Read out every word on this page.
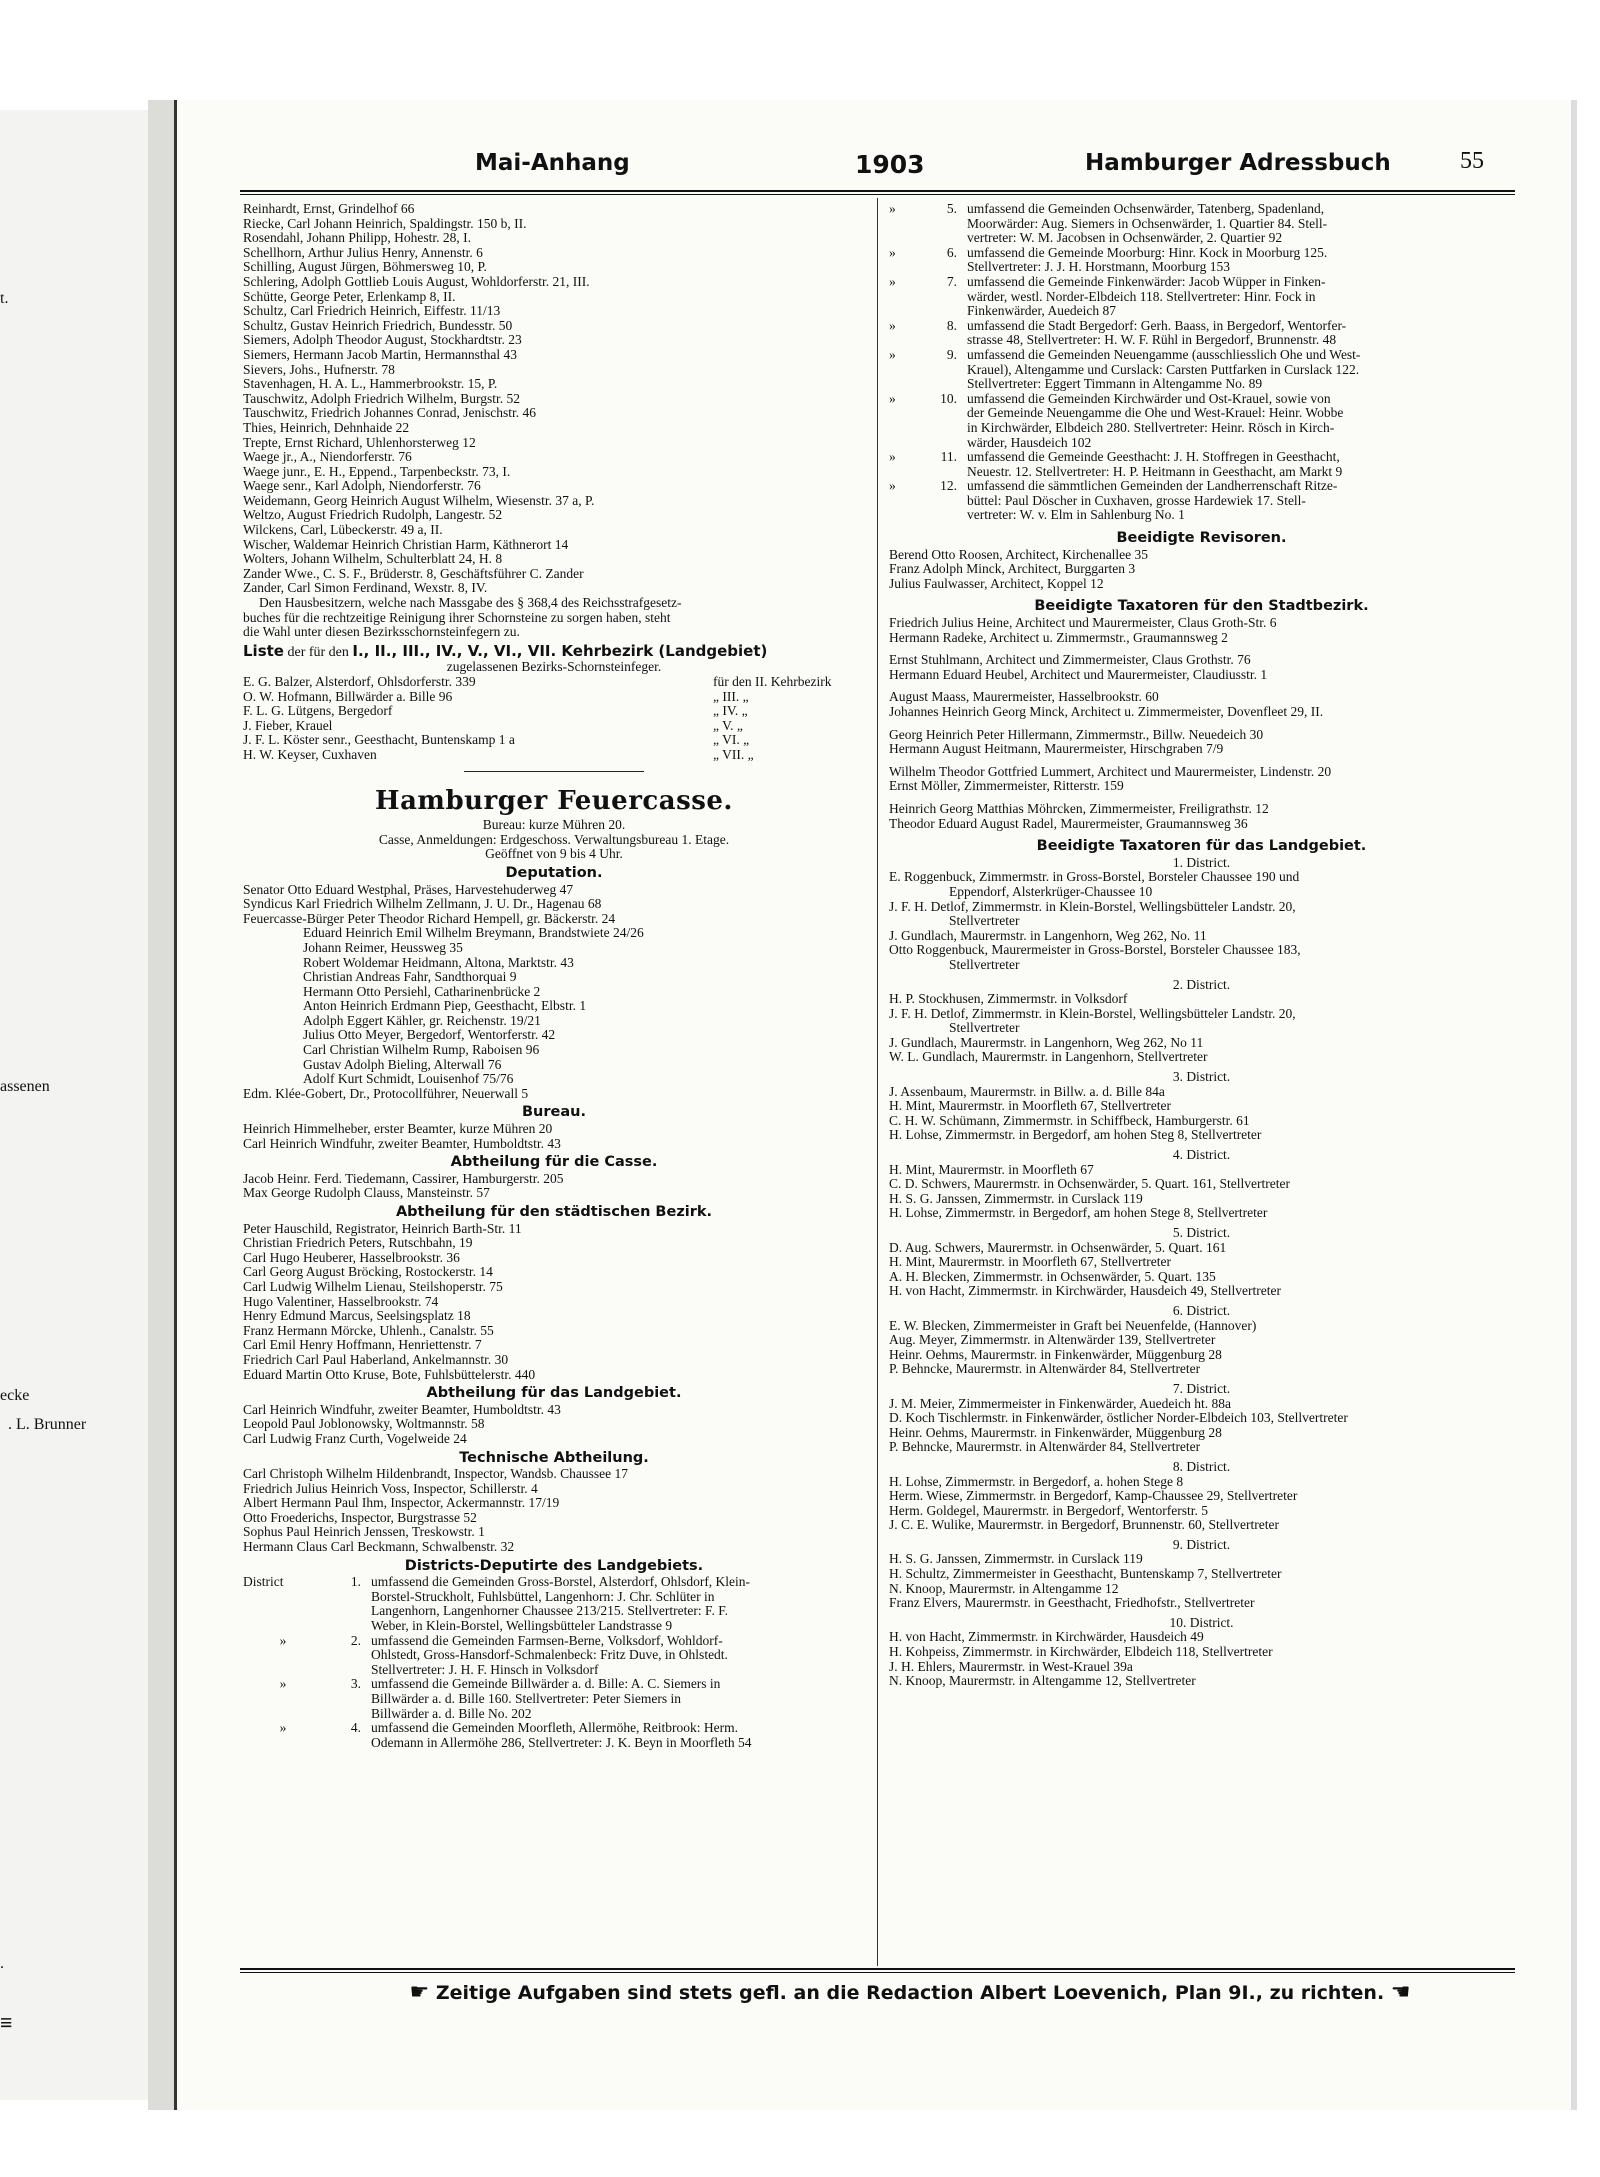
t.
assenen
ecke
. L. Brunner
.
≡
Mai-Anhang	1903	Hamburger Adressbuch	55
Reinhardt, Ernst, Grindelhof 66
Riecke, Carl Johann Heinrich, Spaldingstr. 150 b, II.
Rosendahl, Johann Philipp, Hohestr. 28, I.
Schellhorn, Arthur Julius Henry, Annenstr. 6
Schilling, August Jürgen, Böhmersweg 10, P.
Schlering, Adolph Gottlieb Louis August, Wohldorferstr. 21, III.
Schütte, George Peter, Erlenkamp 8, II.
Schultz, Carl Friedrich Heinrich, Eiffestr. 11/13
Schultz, Gustav Heinrich Friedrich, Bundesstr. 50
Siemers, Adolph Theodor August, Stockhardtstr. 23
Siemers, Hermann Jacob Martin, Hermannsthal 43
Sievers, Johs., Hufnerstr. 78
Stavenhagen, H. A. L., Hammerbrookstr. 15, P.
Tauschwitz, Adolph Friedrich Wilhelm, Burgstr. 52
Tauschwitz, Friedrich Johannes Conrad, Jenischstr. 46
Thies, Heinrich, Dehnhaide 22
Trepte, Ernst Richard, Uhlenhorsterweg 12
Waege jr., A., Niendorferstr. 76
Waege junr., E. H., Eppend., Tarpenbeckstr. 73, I.
Waege senr., Karl Adolph, Niendorferstr. 76
Weidemann, Georg Heinrich August Wilhelm, Wiesenstr. 37 a, P.
Weltzo, August Friedrich Rudolph, Langestr. 52
Wilckens, Carl, Lübeckerstr. 49 a, II.
Wischer, Waldemar Heinrich Christian Harm, Käthnerort 14
Wolters, Johann Wilhelm, Schulterblatt 24, H. 8
Zander Wwe., C. S. F., Brüderstr. 8, Geschäftsführer C. Zander
Zander, Carl Simon Ferdinand, Wexstr. 8, IV.
Den Hausbesitzern, welche nach Massgabe des § 368,4 des Reichsstrafgesetz-
buches für die rechtzeitige Reinigung ihrer Schornsteine zu sorgen haben, steht
die Wahl unter diesen Bezirksschornsteinfegern zu.
Liste der für den I., II., III., IV., V., VI., VII. Kehrbezirk (Landgebiet)
zugelassenen Bezirks-Schornsteinfeger.
E. G. Balzer, Alsterdorf, Ohlsdorferstr. 339	für den II. Kehrbezirk
O. W. Hofmann, Billwärder a. Bille 96	„ III. „
F. L. G. Lütgens, Bergedorf	„ IV. „
J. Fieber, Krauel	„ V. „
J. F. L. Köster senr., Geesthacht, Buntenskamp 1 a	„ VI. „
H. W. Keyser, Cuxhaven	„ VII. „
Hamburger Feuercasse.
Bureau: kurze Mühren 20.
Casse, Anmeldungen: Erdgeschoss. Verwaltungsbureau 1. Etage.
Geöffnet von 9 bis 4 Uhr.
Deputation.
Senator Otto Eduard Westphal, Präses, Harvestehuderweg 47
Syndicus Karl Friedrich Wilhelm Zellmann, J. U. Dr., Hagenau 68
Feuercasse-Bürger Peter Theodor Richard Hempell, gr. Bäckerstr. 24
Eduard Heinrich Emil Wilhelm Breymann, Brandstwiete 24/26
Johann Reimer, Heussweg 35
Robert Woldemar Heidmann, Altona, Marktstr. 43
Christian Andreas Fahr, Sandthorquai 9
Hermann Otto Persiehl, Catharinenbrücke 2
Anton Heinrich Erdmann Piep, Geesthacht, Elbstr. 1
Adolph Eggert Kähler, gr. Reichenstr. 19/21
Julius Otto Meyer, Bergedorf, Wentorferstr. 42
Carl Christian Wilhelm Rump, Raboisen 96
Gustav Adolph Bieling, Alterwall 76
Adolf Kurt Schmidt, Louisenhof 75/76
Edm. Klée-Gobert, Dr., Protocollführer, Neuerwall 5
Bureau.
Heinrich Himmelheber, erster Beamter, kurze Mühren 20
Carl Heinrich Windfuhr, zweiter Beamter, Humboldtstr. 43
Abtheilung für die Casse.
Jacob Heinr. Ferd. Tiedemann, Cassirer, Hamburgerstr. 205
Max George Rudolph Clauss, Mansteinstr. 57
Abtheilung für den städtischen Bezirk.
Peter Hauschild, Registrator, Heinrich Barth-Str. 11
Christian Friedrich Peters, Rutschbahn, 19
Carl Hugo Heuberer, Hasselbrookstr. 36
Carl Georg August Bröcking, Rostockerstr. 14
Carl Ludwig Wilhelm Lienau, Steilshoperstr. 75
Hugo Valentiner, Hasselbrookstr. 74
Henry Edmund Marcus, Seelsingsplatz 18
Franz Hermann Mörcke, Uhlenh., Canalstr. 55
Carl Emil Henry Hoffmann, Henriettenstr. 7
Friedrich Carl Paul Haberland, Ankelmannstr. 30
Eduard Martin Otto Kruse, Bote, Fuhlsbüttelerstr. 440
Abtheilung für das Landgebiet.
Carl Heinrich Windfuhr, zweiter Beamter, Humboldtstr. 43
Leopold Paul Joblonowsky, Woltmannstr. 58
Carl Ludwig Franz Curth, Vogelweide 24
Technische Abtheilung.
Carl Christoph Wilhelm Hildenbrandt, Inspector, Wandsb. Chaussee 17
Friedrich Julius Heinrich Voss, Inspector, Schillerstr. 4
Albert Hermann Paul Ihm, Inspector, Ackermannstr. 17/19
Otto Froederichs, Inspector, Burgstrasse 52
Sophus Paul Heinrich Jenssen, Treskowstr. 1
Hermann Claus Carl Beckmann, Schwalbenstr. 32
Districts-Deputirte des Landgebiets.
District	1. umfassend die Gemeinden Gross-Borstel, Alsterdorf, Ohlsdorf, Klein-
Borstel-Struckholt, Fuhlsbüttel, Langenhorn: J. Chr. Schlüter in
Langenhorn, Langenhorner Chaussee 213/215. Stellvertreter: F. F.
Weber, in Klein-Borstel, Wellingsbütteler Landstrasse 9
»	2. umfassend die Gemeinden Farmsen-Berne, Volksdorf, Wohldorf-
Ohlstedt, Gross-Hansdorf-Schmalenbeck: Fritz Duve, in Ohlstedt.
Stellvertreter: J. H. F. Hinsch in Volksdorf
»	3. umfassend die Gemeinde Billwärder a. d. Bille: A. C. Siemers in
Billwärder a. d. Bille 160. Stellvertreter: Peter Siemers in
Billwärder a. d. Bille No. 202
»	4. umfassend die Gemeinden Moorfleth, Allermöhe, Reitbrook: Herm.
Odemann in Allermöhe 286, Stellvertreter: J. K. Beyn in Moorfleth 54
»	5. umfassend die Gemeinden Ochsenwärder, Tatenberg, Spadenland,
Moorwärder: Aug. Siemers in Ochsenwärder, 1. Quartier 84. Stell-
vertreter: W. M. Jacobsen in Ochsenwärder, 2. Quartier 92
»	6. umfassend die Gemeinde Moorburg: Hinr. Kock in Moorburg 125.
Stellvertreter: J. J. H. Horstmann, Moorburg 153
»	7. umfassend die Gemeinde Finkenwärder: Jacob Wüpper in Finken-
wärder, westl. Norder-Elbdeich 118. Stellvertreter: Hinr. Fock in
Finkenwärder, Auedeich 87
»	8. umfassend die Stadt Bergedorf: Gerh. Baass, in Bergedorf, Wentorfer-
strasse 48, Stellvertreter: H. W. F. Rühl in Bergedorf, Brunnenstr. 48
»	9. umfassend die Gemeinden Neuengamme (ausschliesslich Ohe und West-
Krauel), Altengamme und Curslack: Carsten Puttfarken in Curslack 122.
Stellvertreter: Eggert Timmann in Altengamme No. 89
»	10. umfassend die Gemeinden Kirchwärder und Ost-Krauel, sowie von
der Gemeinde Neuengamme die Ohe und West-Krauel: Heinr. Wobbe
in Kirchwärder, Elbdeich 280. Stellvertreter: Heinr. Rösch in Kirch-
wärder, Hausdeich 102
»	11. umfassend die Gemeinde Geesthacht: J. H. Stoffregen in Geesthacht,
Neuestr. 12. Stellvertreter: H. P. Heitmann in Geesthacht, am Markt 9
»	12. umfassend die sämmtlichen Gemeinden der Landherrenschaft Ritze-
büttel: Paul Döscher in Cuxhaven, grosse Hardewiek 17. Stell-
vertreter: W. v. Elm in Sahlenburg No. 1
Beeidigte Revisoren.
Berend Otto Roosen, Architect, Kirchenallee 35
Franz Adolph Minck, Architect, Burggarten 3
Julius Faulwasser, Architect, Koppel 12
Beeidigte Taxatoren für den Stadtbezirk.
Friedrich Julius Heine, Architect und Maurermeister, Claus Groth-Str. 6
Hermann Radeke, Architect u. Zimmermstr., Graumannsweg 2
Ernst Stuhlmann, Architect und Zimmermeister, Claus Grothstr. 76
Hermann Eduard Heubel, Architect und Maurermeister, Claudiusstr. 1
August Maass, Maurermeister, Hasselbrookstr. 60
Johannes Heinrich Georg Minck, Architect u. Zimmermeister, Dovenfleet 29, II.
Georg Heinrich Peter Hillermann, Zimmermstr., Billw. Neuedeich 30
Hermann August Heitmann, Maurermeister, Hirschgraben 7/9
Wilhelm Theodor Gottfried Lummert, Architect und Maurermeister, Lindenstr. 20
Ernst Möller, Zimmermeister, Ritterstr. 159
Heinrich Georg Matthias Möhrcken, Zimmermeister, Freiligrathstr. 12
Theodor Eduard August Radel, Maurermeister, Graumannsweg 36
Beeidigte Taxatoren für das Landgebiet.
1. District.
E. Roggenbuck, Zimmermstr. in Gross-Borstel, Borsteler Chaussee 190 und
Eppendorf, Alsterkrüger-Chaussee 10
J. F. H. Detlof, Zimmermstr. in Klein-Borstel, Wellingsbütteler Landstr. 20,
Stellvertreter
J. Gundlach, Maurermstr. in Langenhorn, Weg 262, No. 11
Otto Roggenbuck, Maurermeister in Gross-Borstel, Borsteler Chaussee 183,
Stellvertreter
2. District.
H. P. Stockhusen, Zimmermstr. in Volksdorf
J. F. H. Detlof, Zimmermstr. in Klein-Borstel, Wellingsbütteler Landstr. 20,
Stellvertreter
J. Gundlach, Maurermstr. in Langenhorn, Weg 262, No 11
W. L. Gundlach, Maurermstr. in Langenhorn, Stellvertreter
3. District.
J. Assenbaum, Maurermstr. in Billw. a. d. Bille 84a
H. Mint, Maurermstr. in Moorfleth 67, Stellvertreter
C. H. W. Schümann, Zimmermstr. in Schiffbeck, Hamburgerstr. 61
H. Lohse, Zimmermstr. in Bergedorf, am hohen Steg 8, Stellvertreter
4. District.
H. Mint, Maurermstr. in Moorfleth 67
C. D. Schwers, Maurermstr. in Ochsenwärder, 5. Quart. 161, Stellvertreter
H. S. G. Janssen, Zimmermstr. in Curslack 119
H. Lohse, Zimmermstr. in Bergedorf, am hohen Stege 8, Stellvertreter
5. District.
D. Aug. Schwers, Maurermstr. in Ochsenwärder, 5. Quart. 161
H. Mint, Maurermstr. in Moorfleth 67, Stellvertreter
A. H. Blecken, Zimmermstr. in Ochsenwärder, 5. Quart. 135
H. von Hacht, Zimmermstr. in Kirchwärder, Hausdeich 49, Stellvertreter
6. District.
E. W. Blecken, Zimmermeister in Graft bei Neuenfelde, (Hannover)
Aug. Meyer, Zimmermstr. in Altenwärder 139, Stellvertreter
Heinr. Oehms, Maurermstr. in Finkenwärder, Müggenburg 28
P. Behncke, Maurermstr. in Altenwärder 84, Stellvertreter
7. District.
J. M. Meier, Zimmermeister in Finkenwärder, Auedeich ht. 88a
D. Koch Tischlermstr. in Finkenwärder, östlicher Norder-Elbdeich 103, Stellvertreter
Heinr. Oehms, Maurermstr. in Finkenwärder, Müggenburg 28
P. Behncke, Maurermstr. in Altenwärder 84, Stellvertreter
8. District.
H. Lohse, Zimmermstr. in Bergedorf, a. hohen Stege 8
Herm. Wiese, Zimmermstr. in Bergedorf, Kamp-Chaussee 29, Stellvertreter
Herm. Goldegel, Maurermstr. in Bergedorf, Wentorferstr. 5
J. C. E. Wulike, Maurermstr. in Bergedorf, Brunnenstr. 60, Stellvertreter
9. District.
H. S. G. Janssen, Zimmermstr. in Curslack 119
H. Schultz, Zimmermeister in Geesthacht, Buntenskamp 7, Stellvertreter
N. Knoop, Maurermstr. in Altengamme 12
Franz Elvers, Maurermstr. in Geesthacht, Friedhofstr., Stellvertreter
10. District.
H. von Hacht, Zimmermstr. in Kirchwärder, Hausdeich 49
H. Kohpeiss, Zimmermstr. in Kirchwärder, Elbdeich 118, Stellvertreter
J. H. Ehlers, Maurermstr. in West-Krauel 39a
N. Knoop, Maurermstr. in Altengamme 12, Stellvertreter
☛ Zeitige Aufgaben sind stets gefl. an die Redaction Albert Loevenich, Plan 9I., zu richten. ☚
